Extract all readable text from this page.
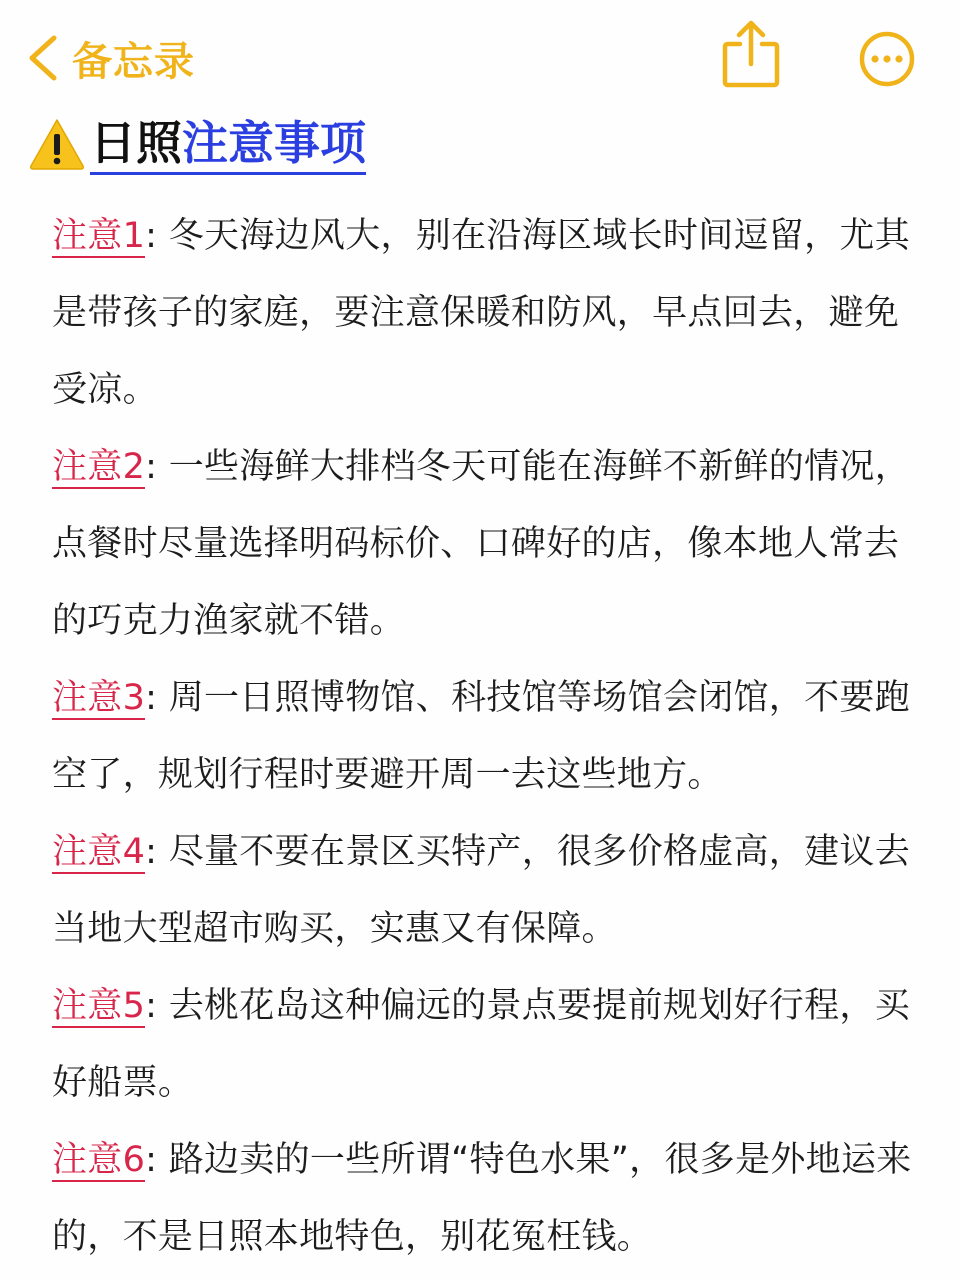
备忘录
日照注意事项

注意1: 冬天海边风大，别在沿海区域长时间逗留，尤其是带孩子的家庭，要注意保暖和防风，早点回去，避免受凉。

注意2: 一些海鲜大排档冬天可能在海鲜不新鲜的情况，点餐时尽量选择明码标价、口碑好的店，像本地人常去的巧克力渔家就不错。

注意3: 周一日照博物馆、科技馆等场馆会闭馆，不要跑空了，规划行程时要避开周一去这些地方。

注意4: 尽量不要在景区买特产，很多价格虚高，建议去当地大型超市购买，实惠又有保障。

注意5: 去桃花岛这种偏远的景点要提前规划好行程，买好船票。

注意6: 路边卖的一些所谓“特色水果”，很多是外地运来的，不是日照本地特色，别花冤枉钱。
